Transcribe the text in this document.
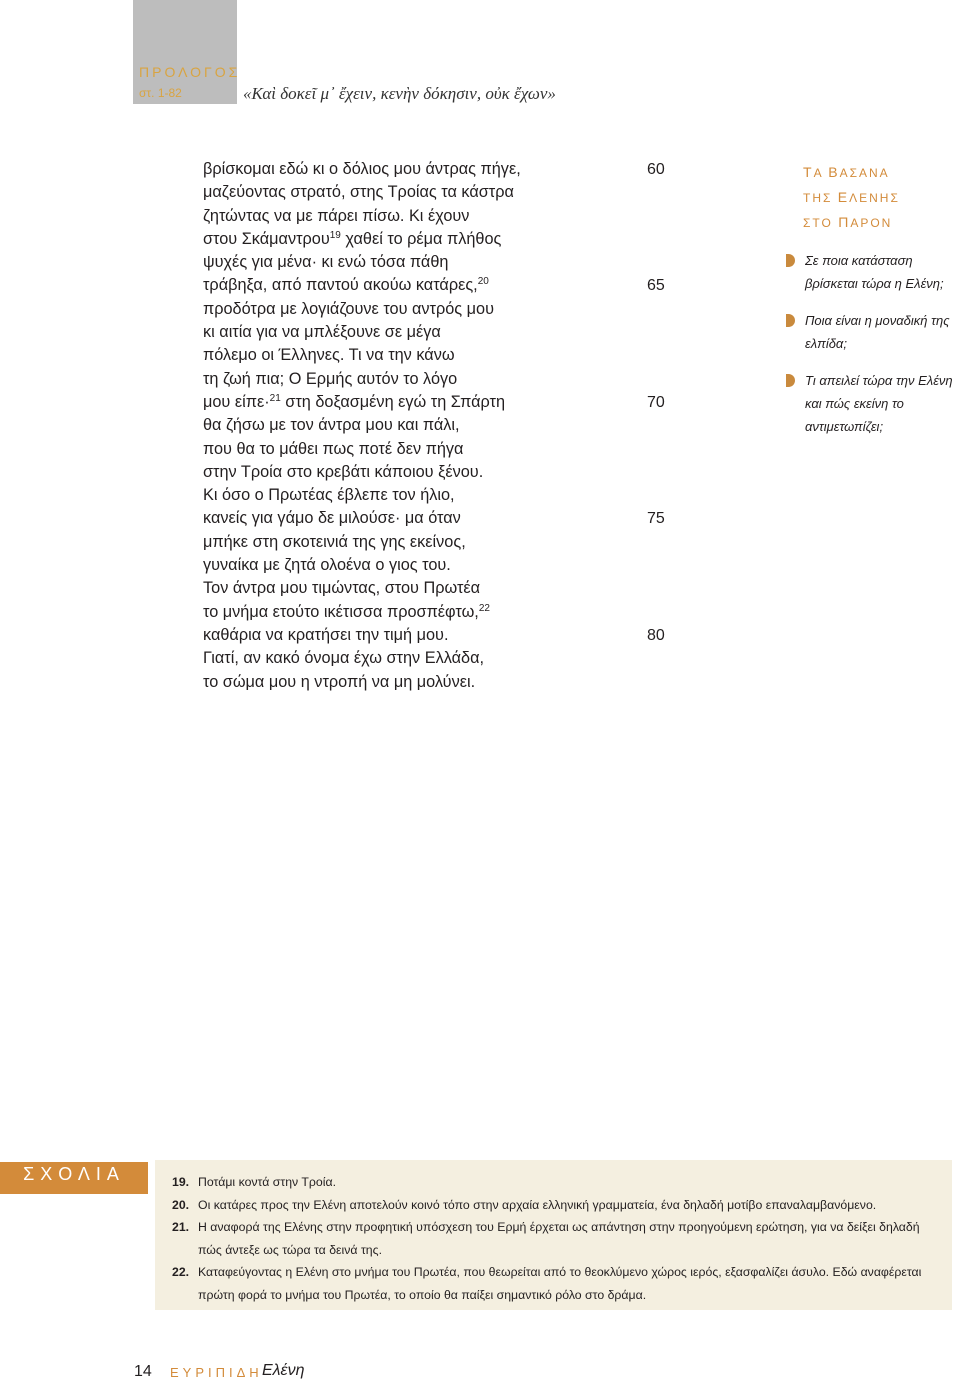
ΠΡΟΛΟΓΟΣ
στ. 1-82	«Καὶ δοκεῖ μ᾽ ἔχειν, κενὴν δόκησιν, οὐκ ἔχων»
βρίσκομαι εδώ κι ο δόλιος μου άντρας πήγε,	60
μαζεύοντας στρατό, στης Τροίας τα κάστρα
ζητώντας να με πάρει πίσω. Κι έχουν
στου Σκάμαντρου$^{19}$ χαθεί το ρέμα πλήθος
ψυχές για μένα· κι ενώ τόσα πάθη
τράβηξα, από παντού ακούω κατάρες,$^{20}$	65
προδότρα με λογιάζουνε του αντρός μου
κι αιτία για να μπλέξουνε σε μέγα
πόλεμο οι Έλληνες. Τι να την κάνω
τη ζωή πια; Ο Ερμής αυτόν το λόγο
μου είπε·$^{21}$ στη δοξασμένη εγώ τη Σπάρτη	70
θα ζήσω με τον άντρα μου και πάλι,
που θα το μάθει πως ποτέ δεν πήγα
στην Τροία στο κρεβάτι κάποιου ξένου.
Κι όσο ο Πρωτέας έβλεπε τον ήλιο,
κανείς για γάμο δε μιλούσε· μα όταν	75
μπήκε στη σκοτεινιά της γης εκείνος,
γυναίκα με ζητά ολοένα ο γιος του.
Τον άντρα μου τιμώντας, στου Πρωτέα
το μνήμα ετούτο ικέτισσα προσπέφτω,$^{22}$
καθάρια να κρατήσει την τιμή μου.	80
Γιατί, αν κακό όνομα έχω στην Ελλάδα,
το σώμα μου η ντροπή να μη μολύνει.
ΤΑ ΒΑΣΑΝΑ
ΤΗΣ ΕΛΕΝΗΣ
ΣΤΟ ΠΑΡΟΝ
Σε ποια κατάσταση βρίσκεται τώρα η Ελένη;
Ποια είναι η μοναδική της ελπίδα;
Τι απειλεί τώρα την Ελένη και πώς εκείνη το αντιμετωπίζει;
ΣΧΟΛΙΑ	19. Ποτάμι κοντά στην Τροία.
20. Οι κατάρες προς την Ελένη αποτελούν κοινό τόπο στην αρχαία ελληνική γραμματεία, ένα δηλαδή μοτίβο επαναλαμβανόμενο.
21. Η αναφορά της Ελένης στην προφητική υπόσχεση του Ερμή έρχεται ως απάντηση στην προηγούμενη ερώτηση, για να δείξει δηλαδή πώς άντεξε ως τώρα τα δεινά της.
22. Καταφεύγοντας η Ελένη στο μνήμα του Πρωτέα, που θεωρείται από το θεοκλύμενο χώρος ιερός, εξασφαλίζει άσυλο. Εδώ αναφέρεται πρώτη φορά το μνήμα του Πρωτέα, το οποίο θα παίξει σημαντικό ρόλο στο δράμα.
14 ΕΥΡΙΠΙΔΗ Ελένη
